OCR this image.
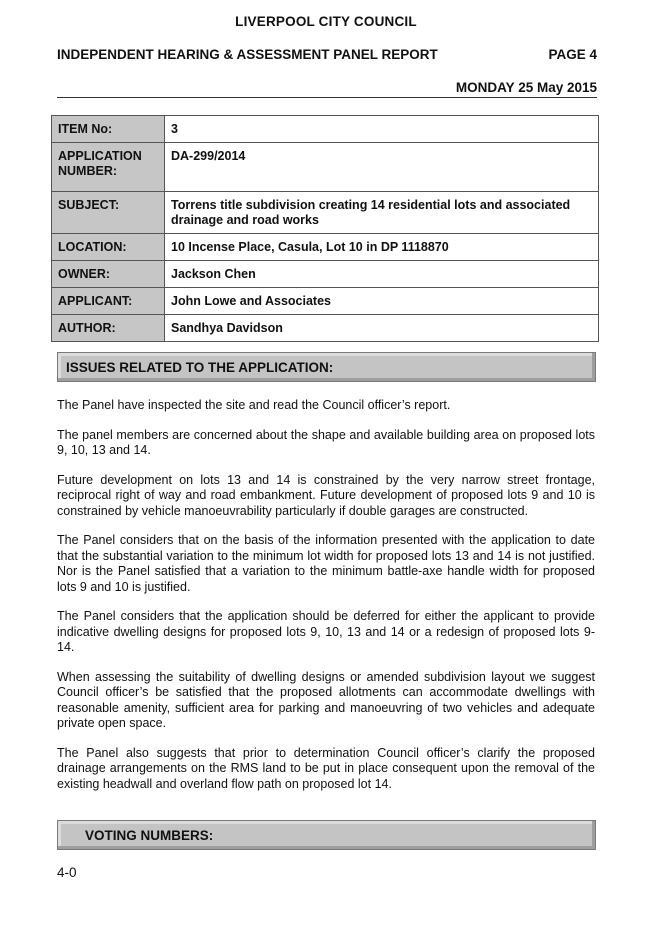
LIVERPOOL CITY COUNCIL
INDEPENDENT HEARING & ASSESSMENT PANEL REPORT	PAGE 4
MONDAY 25 May 2015
ITEM No:	3
APPLICATION NUMBER:	DA-299/2014
SUBJECT:	Torrens title subdivision creating 14 residential lots and associated drainage and road works
LOCATION:	10 Incense Place, Casula, Lot 10 in DP 1118870
OWNER:	Jackson Chen
APPLICANT:	John Lowe and Associates
AUTHOR:	Sandhya Davidson
ISSUES RELATED TO THE APPLICATION:

The Panel have inspected the site and read the Council officer’s report.

The panel members are concerned about the shape and available building area on proposed lots 9, 10, 13 and 14.

Future development on lots 13 and 14 is constrained by the very narrow street frontage, reciprocal right of way and road embankment. Future development of proposed lots 9 and 10 is constrained by vehicle manoeuvrability particularly if double garages are constructed.

The Panel considers that on the basis of the information presented with the application to date that the substantial variation to the minimum lot width for proposed lots 13 and 14 is not justified. Nor is the Panel satisfied that a variation to the minimum battle-axe handle width for proposed lots 9 and 10 is justified.

The Panel considers that the application should be deferred for either the applicant to provide indicative dwelling designs for proposed lots 9, 10, 13 and 14 or a redesign of proposed lots 9-14.

When assessing the suitability of dwelling designs or amended subdivision layout we suggest Council officer’s be satisfied that the proposed allotments can accommodate dwellings with reasonable amenity, sufficient area for parking and manoeuvring of two vehicles and adequate private open space.

The Panel also suggests that prior to determination Council officer’s clarify the proposed drainage arrangements on the RMS land to be put in place consequent upon the removal of the existing headwall and overland flow path on proposed lot 14.

VOTING NUMBERS:
4-0
